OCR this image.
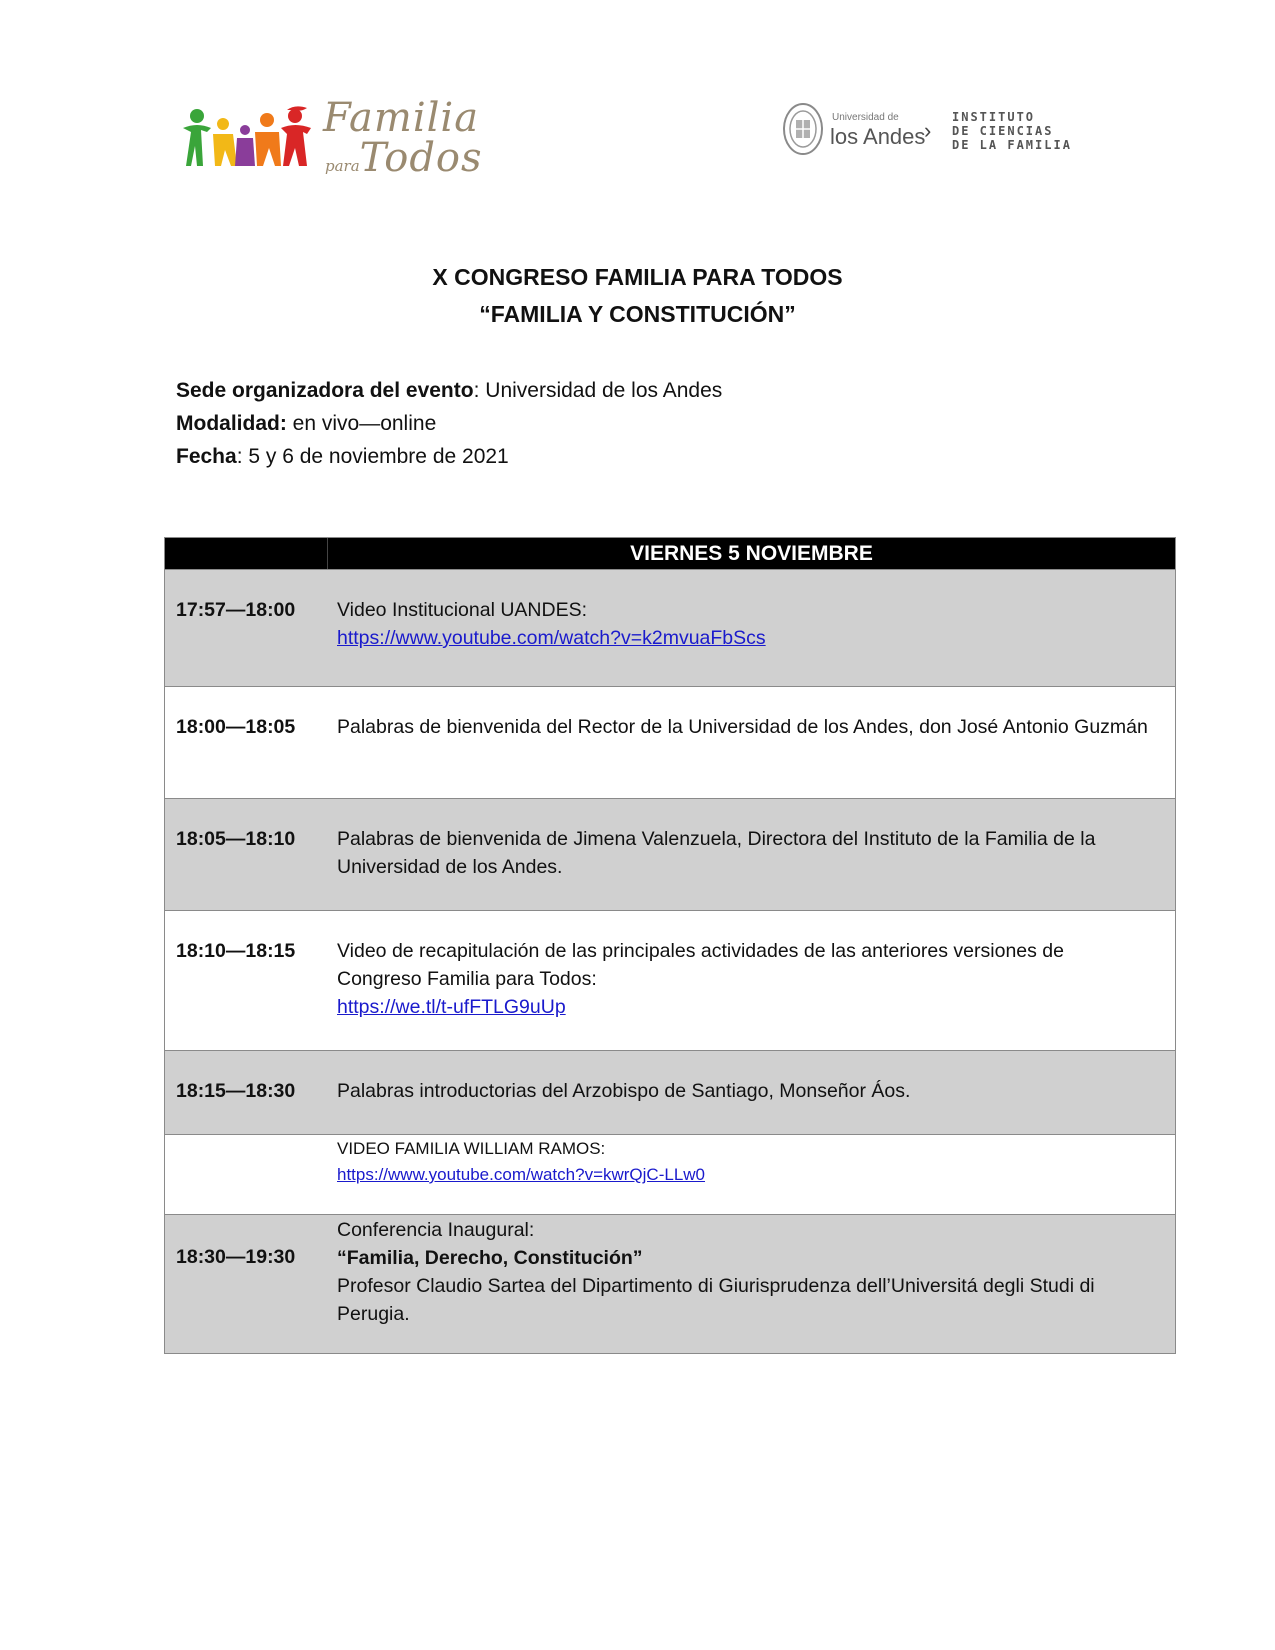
Familia
paraTodos
Universidad de
los Andes
›
INSTITUTO
DE CIENCIAS
DE LA FAMILIA
X CONGRESO FAMILIA PARA TODOS
“FAMILIA Y CONSTITUCIÓN”
Sede organizadora del evento: Universidad de los Andes
Modalidad: en vivo—online
Fecha: 5 y 6 de noviembre de 2021
VIERNES 5 NOVIEMBRE
17:57—18:00 Video Institucional UANDES:
https://www.youtube.com/watch?v=k2mvuaFbScs
18:00—18:05 Palabras de bienvenida del Rector de la Universidad de los Andes, don José Antonio Guzmán
18:05—18:10 Palabras de bienvenida de Jimena Valenzuela, Directora del Instituto de la Familia de la Universidad de los Andes.
18:10—18:15 Video de recapitulación de las principales actividades de las anteriores versiones de Congreso Familia para Todos:
https://we.tl/t-ufFTLG9uUp
18:15—18:30 Palabras introductorias del Arzobispo de Santiago, Monseñor Áos.
VIDEO FAMILIA WILLIAM RAMOS:
https://www.youtube.com/watch?v=kwrQjC-LLw0
18:30—19:30
Conferencia Inaugural:
“Familia, Derecho, Constitución”
Profesor Claudio Sartea del Dipartimento di Giurisprudenza dell’Universitá degli Studi di Perugia.
